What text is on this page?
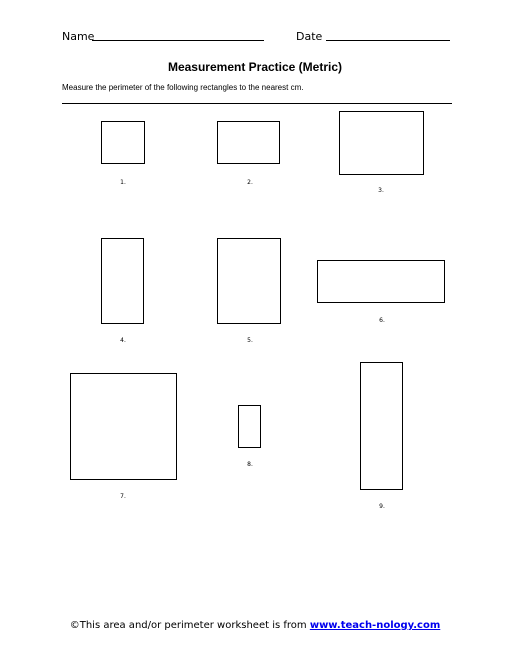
Name	Date
Measurement Practice (Metric)
Measure the perimeter of the following rectangles to the nearest cm.
1.	2.
3.
4.	5.
6.
7.
8.
9.
©This area and/or perimeter worksheet is from www.teach-nology.com
